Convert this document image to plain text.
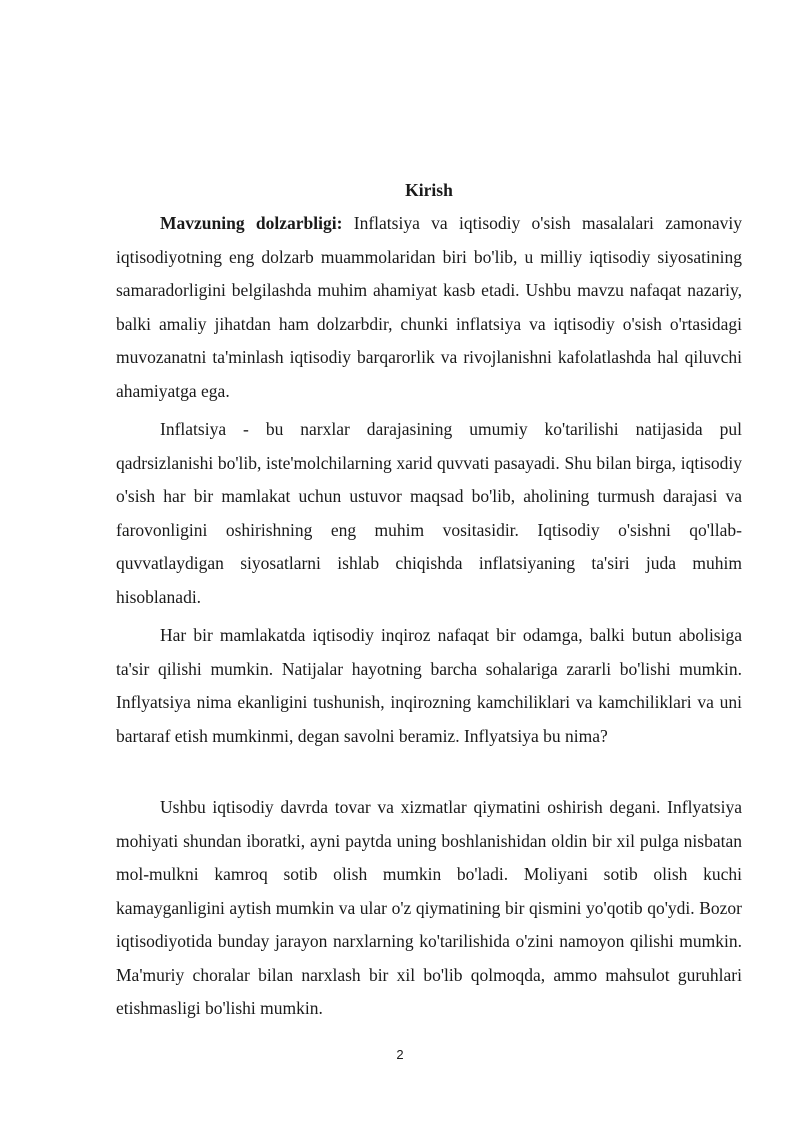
Kirish

Mavzuning dolzarbligi: Inflatsiya va iqtisodiy o'sish masalalari zamonaviy iqtisodiyotning eng dolzarb muammolaridan biri bo'lib, u milliy iqtisodiy siyosatining samaradorligini belgilashda muhim ahamiyat kasb etadi. Ushbu mavzu nafaqat nazariy, balki amaliy jihatdan ham dolzarbdir, chunki inflatsiya va iqtisodiy o'sish o'rtasidagi muvozanatni ta'minlash iqtisodiy barqarorlik va rivojlanishni kafolatlashda hal qiluvchi ahamiyatga ega.

Inflatsiya - bu narxlar darajasining umumiy ko'tarilishi natijasida pul qadrsizlanishi bo'lib, iste'molchilarning xarid quvvati pasayadi. Shu bilan birga, iqtisodiy o'sish har bir mamlakat uchun ustuvor maqsad bo'lib, aholining turmush darajasi va farovonligini oshirishning eng muhim vositasidir. Iqtisodiy o'sishni qo'llab-quvvatlaydigan siyosatlarni ishlab chiqishda inflatsiyaning ta'siri juda muhim hisoblanadi.

Har bir mamlakatda iqtisodiy inqiroz nafaqat bir odamga, balki butun abolisiga ta'sir qilishi mumkin. Natijalar hayotning barcha sohalariga zararli bo'lishi mumkin. Inflyatsiya nima ekanligini tushunish, inqirozning kamchiliklari va kamchiliklari va uni bartaraf etish mumkinmi, degan savolni beramiz. Inflyatsiya bu nima?

Ushbu iqtisodiy davrda tovar va xizmatlar qiymatini oshirish degani. Inflyatsiya mohiyati shundan iboratki, ayni paytda uning boshlanishidan oldin bir xil pulga nisbatan mol-mulkni kamroq sotib olish mumkin bo'ladi. Moliyani sotib olish kuchi kamayganligini aytish mumkin va ular o'z qiymatining bir qismini yo'qotib qo'ydi. Bozor iqtisodiyotida bunday jarayon narxlarning ko'tarilishida o'zini namoyon qilishi mumkin. Ma'muriy choralar bilan narxlash bir xil bo'lib qolmoqda, ammo mahsulot guruhlari etishmasligi bo'lishi mumkin.

2
